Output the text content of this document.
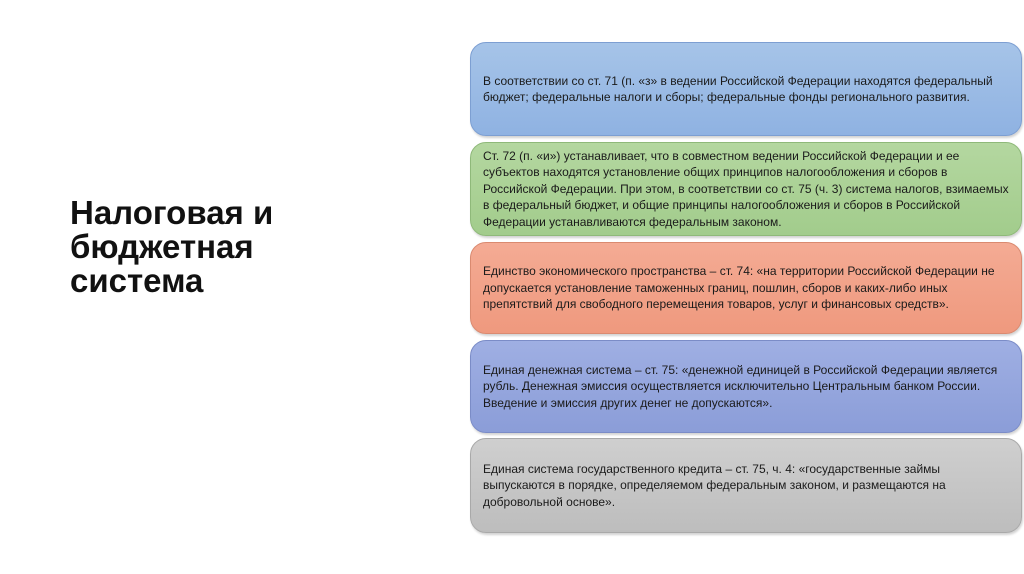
Налоговая и
бюджетная
система
В соответствии со ст. 71 (п. «з» в ведении Российской Федерации находятся федеральный бюджет; федеральные налоги и сборы; федеральные фонды регионального развития.
Ст. 72 (п. «и») устанавливает, что в совместном ведении Российской Федерации и ее субъектов находятся установление общих принципов налогообложения и сборов в Российской Федерации. При этом, в соответствии со ст. 75 (ч. 3) система налогов, взимаемых в федеральный бюджет, и общие принципы налогообложения и сборов в Российской Федерации устанавливаются федеральным законом.
Единство экономического пространства – ст. 74: «на территории Российской Федерации не допускается установление таможенных границ, пошлин, сборов и каких-либо иных препятствий для свободного перемещения товаров, услуг и финансовых средств».
Единая денежная система – ст. 75: «денежной единицей в Российской Федерации является рубль. Денежная эмиссия осуществляется исключительно Центральным банком России. Введение и эмиссия других денег не допускаются».
Единая система государственного кредита – ст. 75, ч. 4: «государственные займы выпускаются в порядке, определяемом федеральным законом, и размещаются на добровольной основе».
